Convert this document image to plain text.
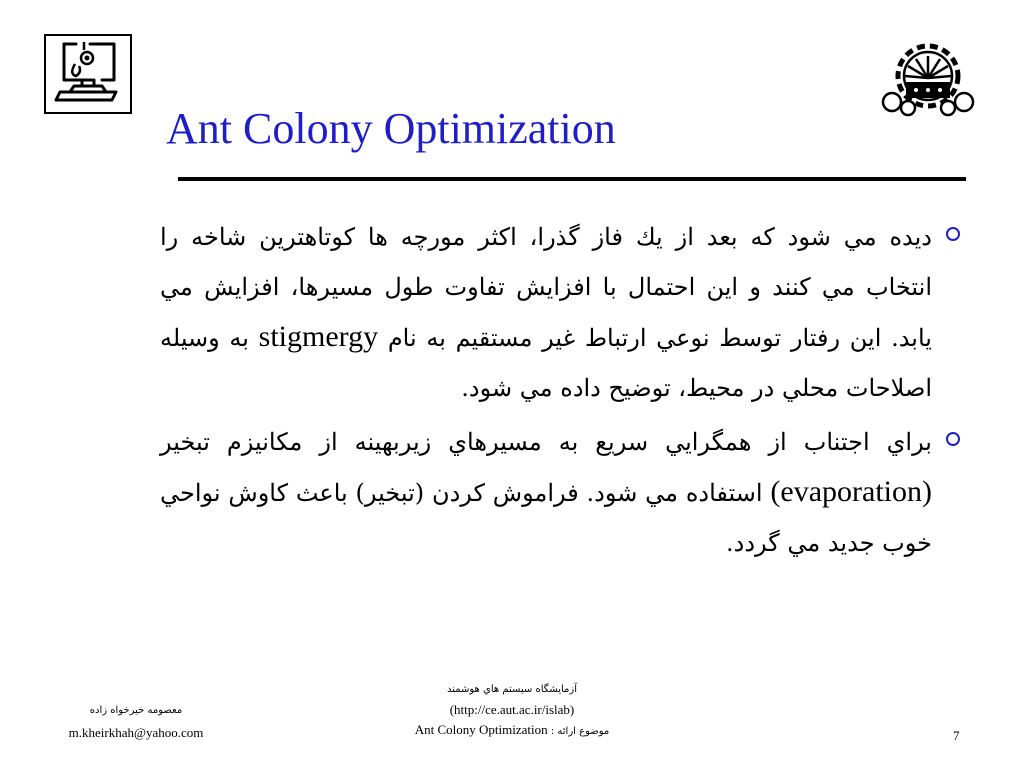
Ant Colony Optimization
ديده مي شود كه بعد از يك فاز گذرا، اكثر مورچه ها كوتاهترين شاخه را انتخاب مي كنند و اين احتمال با افزايش تفاوت طول مسيرها، افزايش مي يابد. اين رفتار توسط نوعي ارتباط غير مستقيم به نام stigmergy به وسيله اصلاحات محلي در محيط، توضيح داده مي شود.
براي اجتناب از همگرايي سريع به مسيرهاي زيربهينه از مكانيزم تبخير (evaporation) استفاده مي شود. فراموش كردن (تبخير) باعث كاوش نواحي خوب جديد مي گردد.
معصومه خيرخواه زاده
m.kheirkhah@yahoo.com
آزمايشگاه سيستم هاي هوشمند
(http://ce.aut.ac.ir/islab)
Ant Colony Optimization موضوع ارائه :	7
